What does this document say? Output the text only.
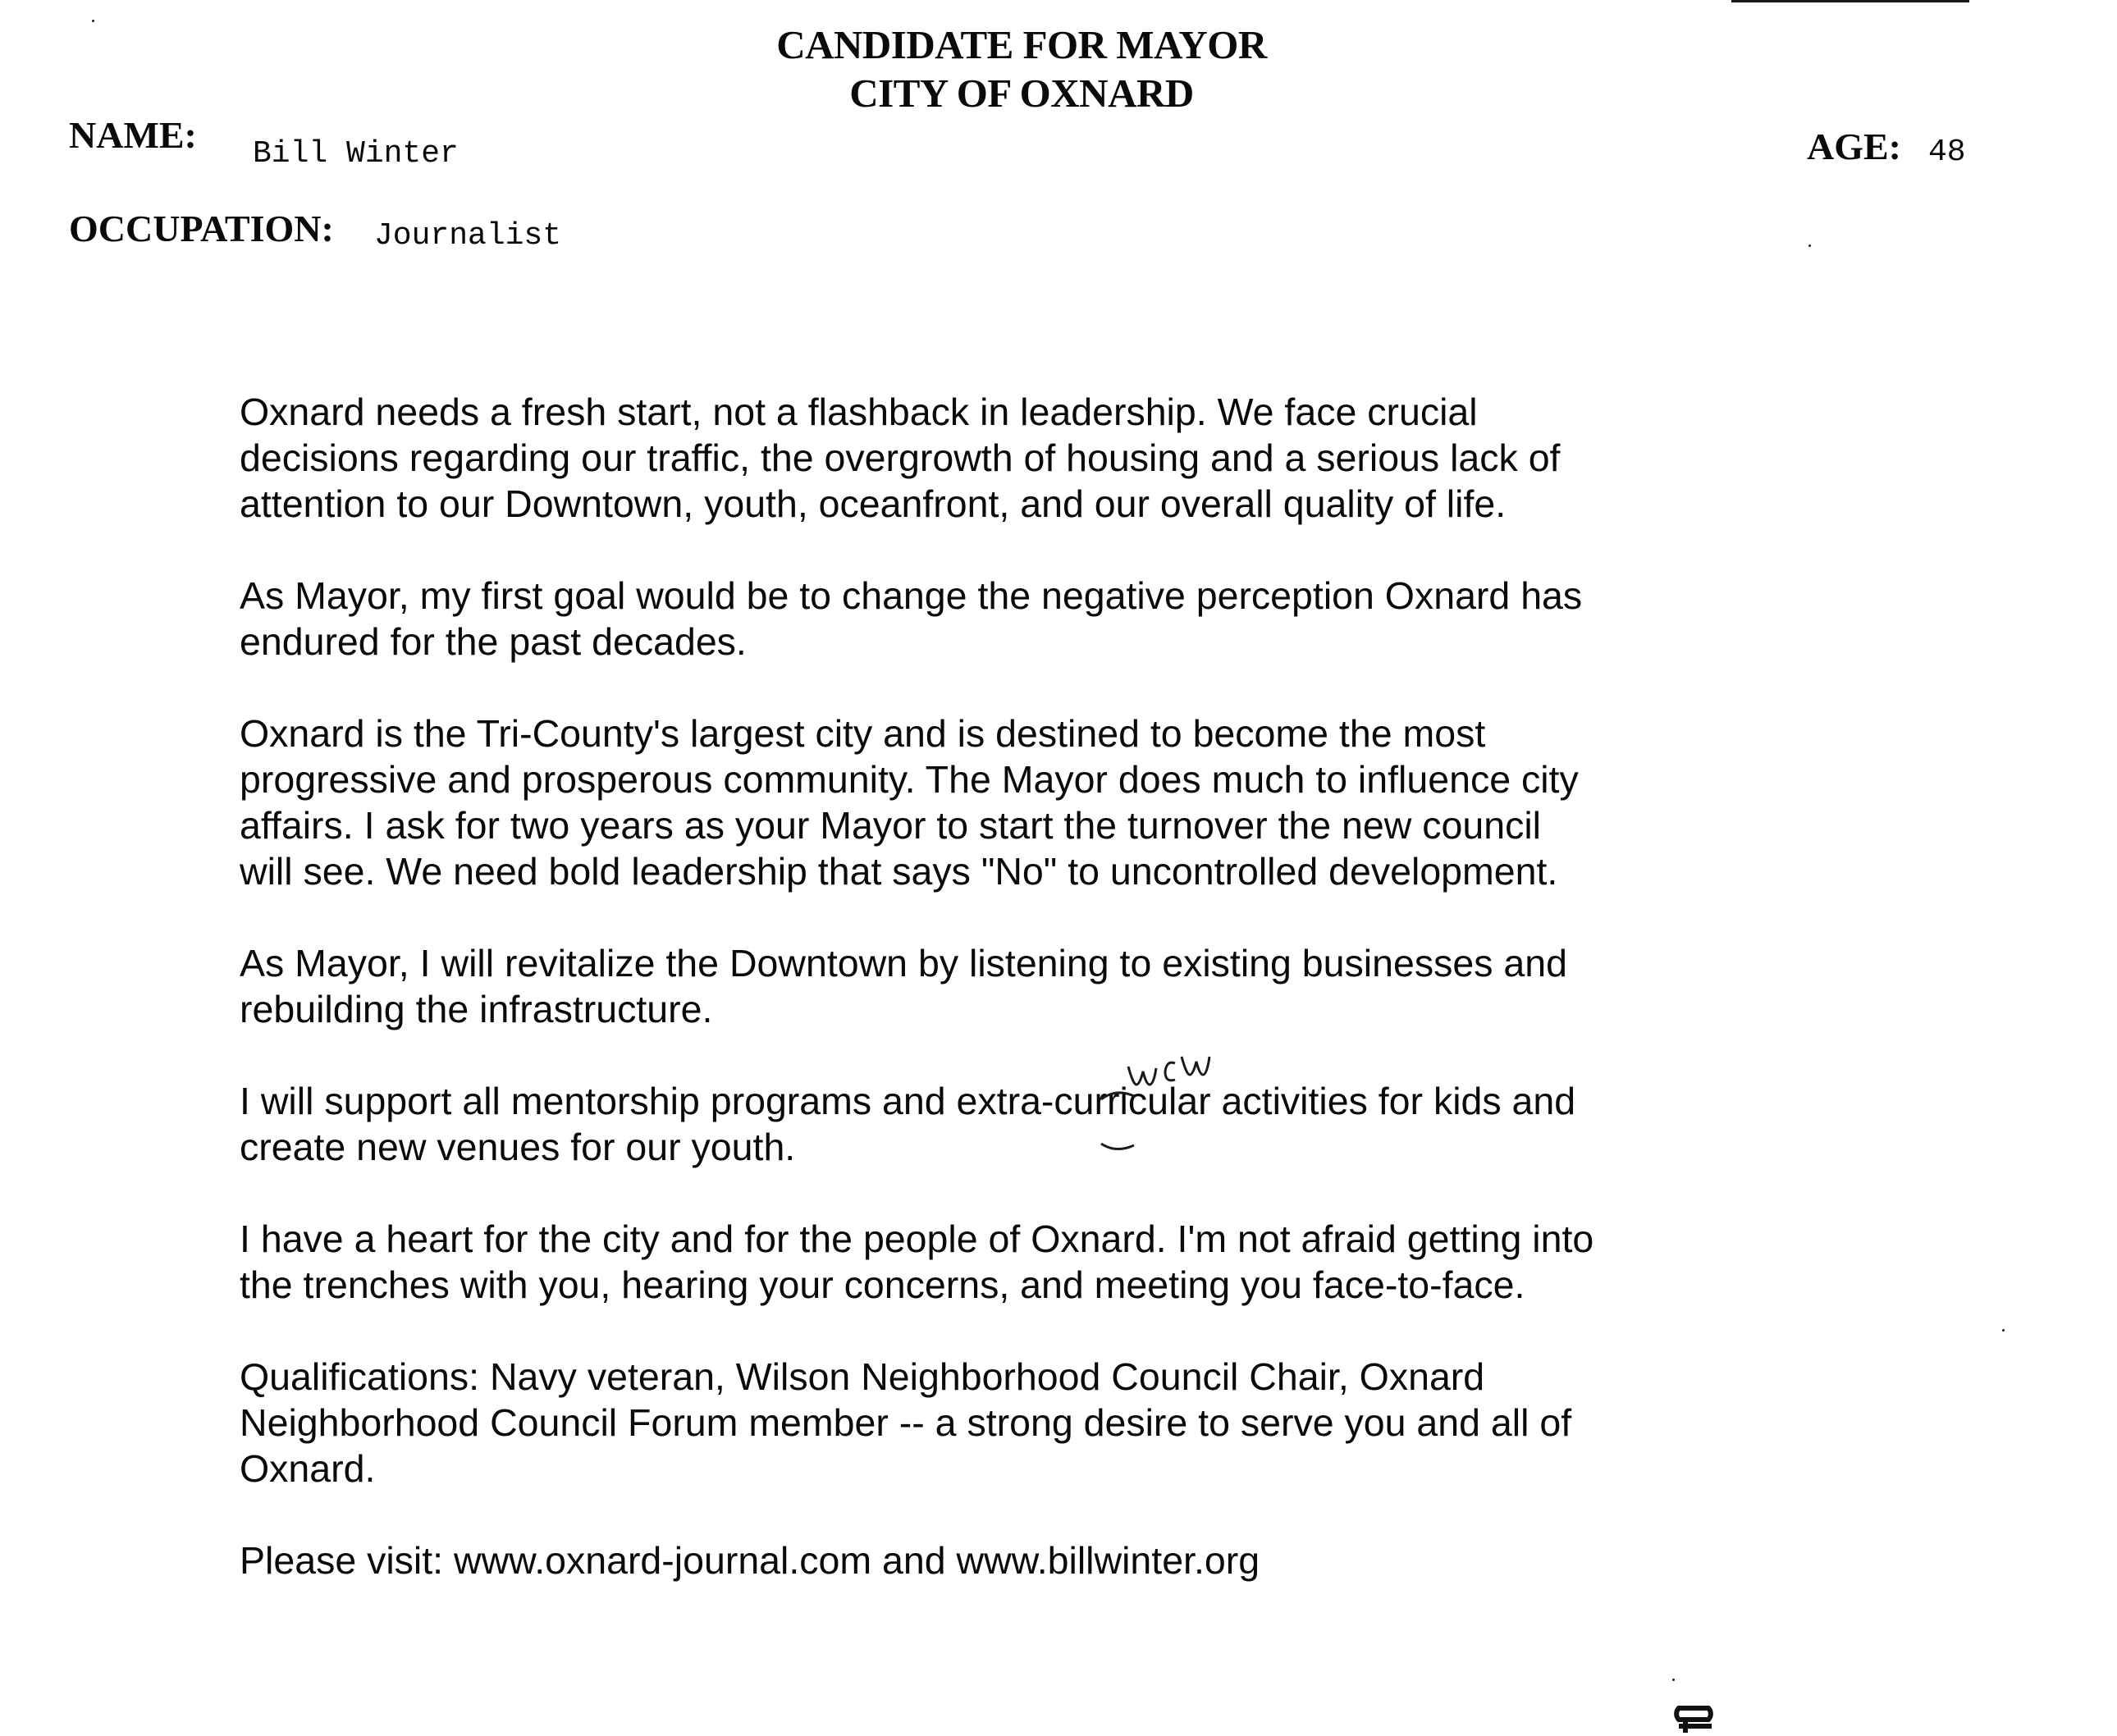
CANDIDATE FOR MAYOR
CITY OF OXNARD
NAME: Bill Winter	AGE: 48
OCCUPATION: Journalist

Oxnard needs a fresh start, not a flashback in leadership. We face crucial
decisions regarding our traffic, the overgrowth of housing and a serious lack of
attention to our Downtown, youth, oceanfront, and our overall quality of life.

As Mayor, my first goal would be to change the negative perception Oxnard has
endured for the past decades.

Oxnard is the Tri-County's largest city and is destined to become the most
progressive and prosperous community. The Mayor does much to influence city
affairs. I ask for two years as your Mayor to start the turnover the new council
will see. We need bold leadership that says "No" to uncontrolled development.

As Mayor, I will revitalize the Downtown by listening to existing businesses and
rebuilding the infrastructure.

I will support all mentorship programs and extra-curricular activities for kids and
create new venues for our youth.

I have a heart for the city and for the people of Oxnard. I'm not afraid getting into
the trenches with you, hearing your concerns, and meeting you face-to-face.

Qualifications: Navy veteran, Wilson Neighborhood Council Chair, Oxnard
Neighborhood Council Forum member -- a strong desire to serve you and all of
Oxnard.

Please visit: www.oxnard-journal.com and www.billwinter.org
